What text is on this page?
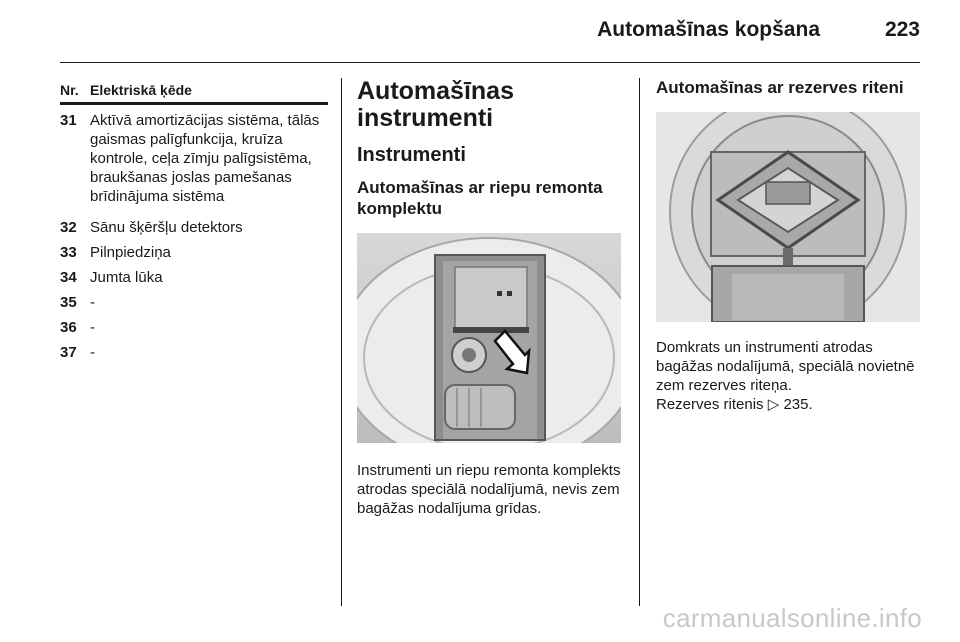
Automašīnas kopšana	223
Nr. Elektriskā ķēde
31 Aktīvā amortizācijas sistēma, tālās gaismas palīgfunkcija, kruīza kontrole, ceļa zīmju palīgsistēma, braukšanas joslas pamešanas brīdinājuma sistēma
32 Sānu šķēršļu detektors
33 Pilnpiedziņa
34 Jumta lūka
35 -
36 -
37 -
Automašīnas
instrumenti
Instrumenti
Automašīnas ar riepu remonta komplektu
Instrumenti un riepu remonta komplekts atrodas speciālā nodalījumā, nevis zem bagāžas nodalījuma grīdas.
Automašīnas ar rezerves riteni
Domkrats un instrumenti atrodas bagāžas nodalījumā, speciālā novietnē zem rezerves riteņa.
Rezerves ritenis ▷ 235.
carmanualsonline.info
